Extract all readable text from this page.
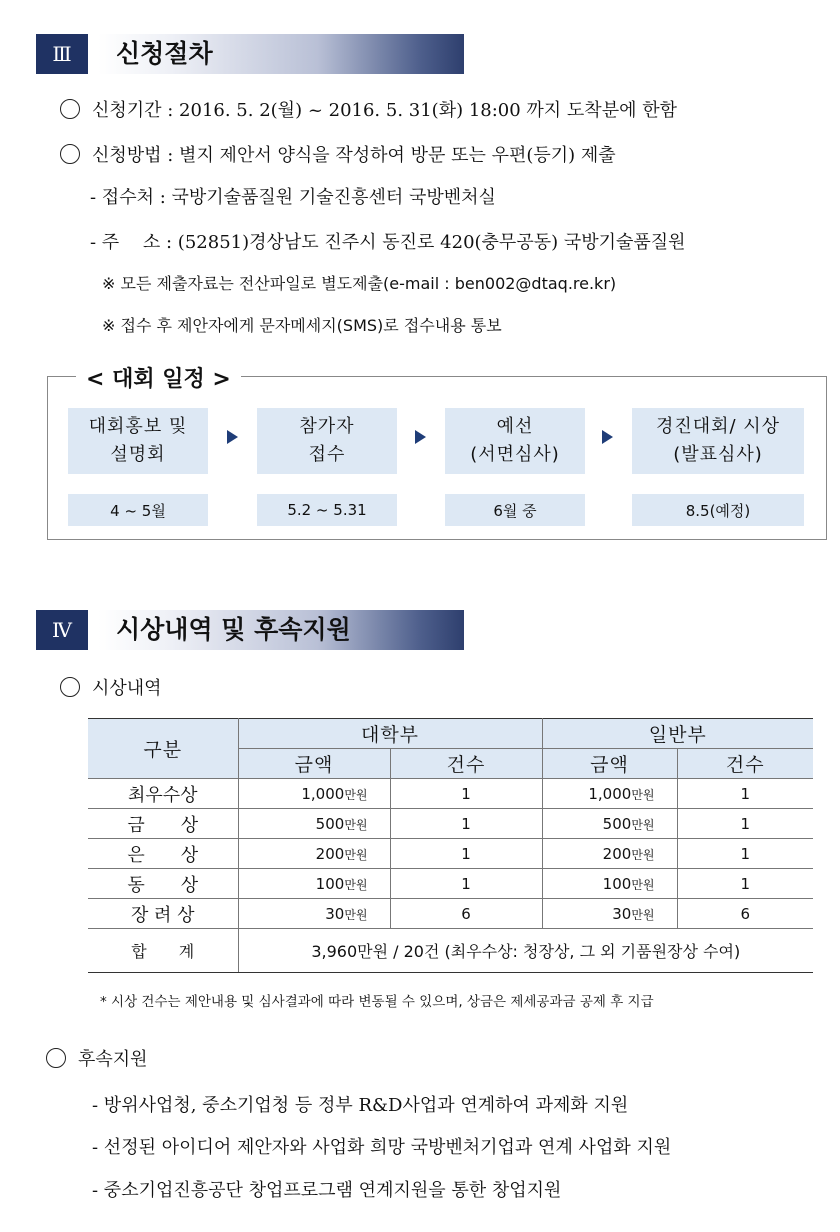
Ⅲ	신청절차
신청기간 : 2016. 5. 2(월) ~ 2016. 5. 31(화) 18:00 까지 도착분에 한함
신청방법 : 별지 제안서 양식을 작성하여 방문 또는 우편(등기) 제출
- 접수처 : 국방기술품질원 기술진흥센터 국방벤처실
- 주　 소 : (52851)경상남도 진주시 동진로 420(충무공동) 국방기술품질원
※ 모든 제출자료는 전산파일로 별도제출(e-mail : ben002@dtaq.re.kr)
※ 접수 후 제안자에게 문자메세지(SMS)로 접수내용 통보
< 대회 일정 >
대회홍보 및
설명회
참가자
접수
예선
(서면심사)
경진대회/ 시상
(발표심사)
4 ~ 5월	5.2 ~ 5.31	6월 중	8.5(예정)
Ⅳ	시상내역 및 후속지원
시상내역
구분	대학부		일반부	
	금액	건수	금액	건수
최우수상	1,000만원	1	1,000만원	1
금　　상	500만원	1	500만원	1
은　　상	200만원	1	200만원	1
동　　상	100만원	1	100만원	1
장 려 상	30만원	6	30만원	6
합　　계	3,960만원 / 20건 (최우수상: 청장상, 그 외 기품원장상 수여)			
* 시상 건수는 제안내용 및 심사결과에 따라 변동될 수 있으며, 상금은 제세공과금 공제 후 지급
후속지원
- 방위사업청, 중소기업청 등 정부 R&D사업과 연계하여 과제화 지원
- 선정된 아이디어 제안자와 사업화 희망 국방벤처기업과 연계 사업화 지원
- 중소기업진흥공단 창업프로그램 연계지원을 통한 창업지원
